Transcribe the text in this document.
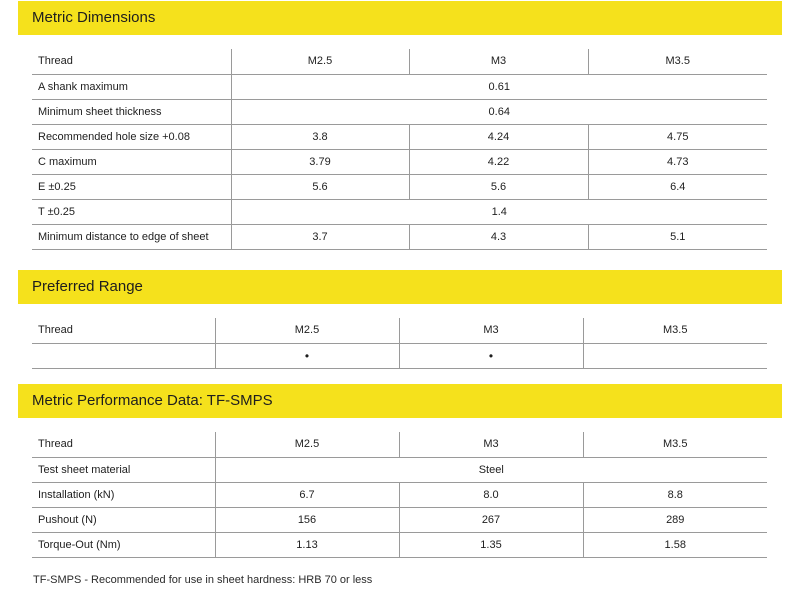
Metric Dimensions
Thread	M2.5	M3	M3.5
A shank maximum	0.61		
Minimum sheet thickness	0.64		
Recommended hole size +0.08	3.8	4.24	4.75
C maximum	3.79	4.22	4.73
E ±0.25	5.6	5.6	6.4
T ±0.25	1.4		
Minimum distance to edge of sheet	3.7	4.3	5.1
Preferred Range
Thread	M2.5	M3	M3.5
	•	•	
Metric Performance Data: TF-SMPS
Thread	M2.5	M3	M3.5
Test sheet material	Steel		
Installation (kN)	6.7	8.0	8.8
Pushout (N)	156	267	289
Torque-Out (Nm)	1.13	1.35	1.58
TF-SMPS - Recommended for use in sheet hardness: HRB 70 or less
